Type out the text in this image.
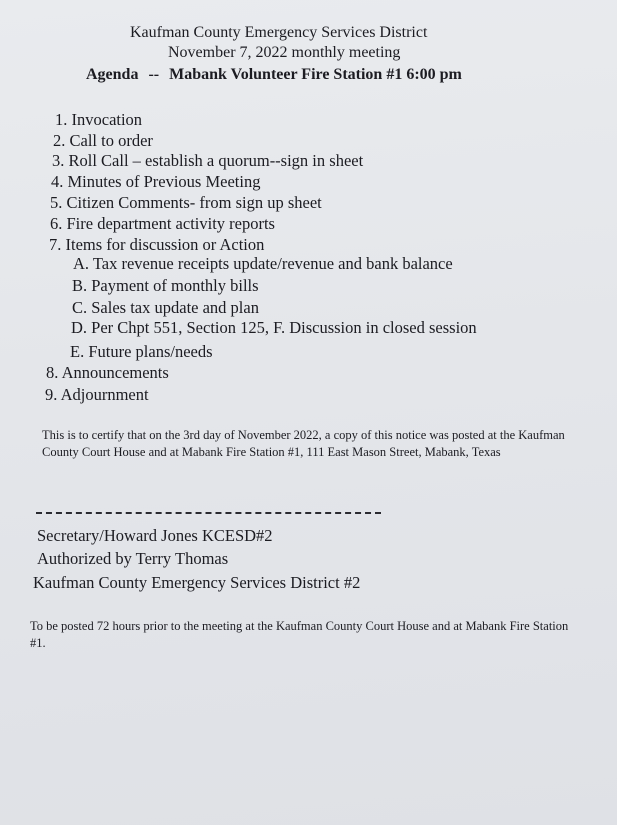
Kaufman County Emergency Services District
November 7, 2022 monthly meeting
Agenda -- Mabank Volunteer Fire Station #1 6:00 pm
1. Invocation
2. Call to order
3. Roll Call – establish a quorum--sign in sheet
4. Minutes of Previous Meeting
5. Citizen Comments- from sign up sheet
6. Fire department activity reports
7. Items for discussion or Action
A. Tax revenue receipts update/revenue and bank balance
B. Payment of monthly bills
C. Sales tax update and plan
D. Per Chpt 551, Section 125, F. Discussion in closed session
E. Future plans/needs
8. Announcements
9. Adjournment
This is to certify that on the 3rd day of November 2022, a copy of this notice was posted at the Kaufman County Court House and at Mabank Fire Station #1, 111 East Mason Street, Mabank, Texas
Secretary/Howard Jones KCESD#2
Authorized by Terry Thomas
Kaufman County Emergency Services District #2
To be posted 72 hours prior to the meeting at the Kaufman County Court House and at Mabank Fire Station #1.
